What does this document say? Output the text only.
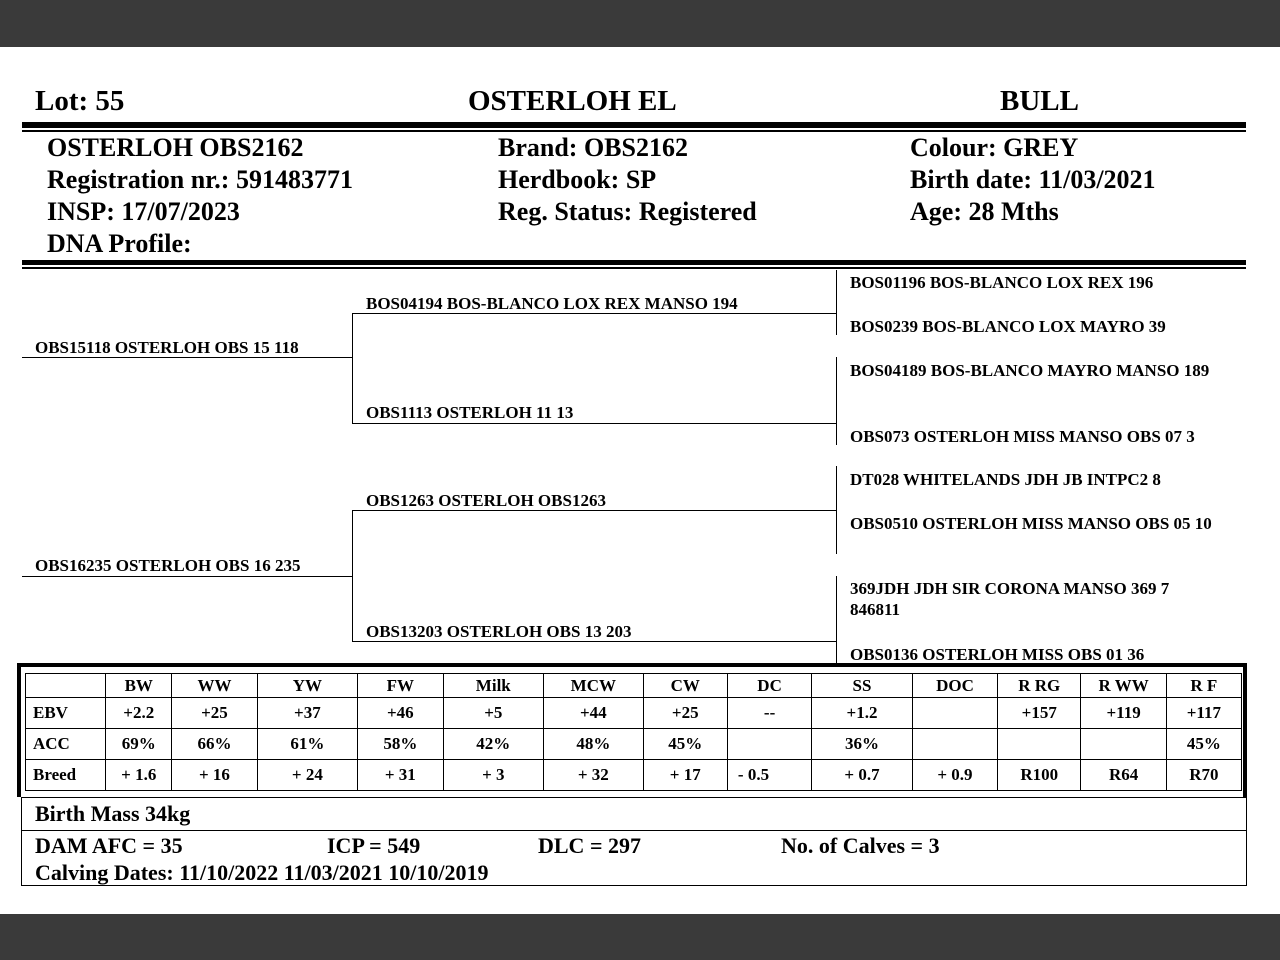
Lot: 55	OSTERLOH EL	BULL
OSTERLOH OBS2162
Registration nr.: 591483771
INSP: 17/07/2023
DNA Profile:
Brand: OBS2162
Herdbook: SP
Reg. Status: Registered
Colour: GREY
Birth date: 11/03/2021
Age: 28 Mths
OBS15118 OSTERLOH OBS 15 118
OBS16235 OSTERLOH OBS 16 235
BOS04194 BOS-BLANCO LOX REX MANSO 194
OBS1113 OSTERLOH 11 13
OBS1263 OSTERLOH OBS1263
OBS13203 OSTERLOH OBS 13 203
BOS01196 BOS-BLANCO LOX REX 196
BOS0239 BOS-BLANCO LOX MAYRO 39
BOS04189 BOS-BLANCO MAYRO MANSO 189
OBS073 OSTERLOH MISS MANSO OBS 07 3
DT028 WHITELANDS JDH JB INTPC2 8
OBS0510 OSTERLOH MISS MANSO OBS 05 10
369JDH JDH SIR CORONA MANSO 369 7 846811
OBS0136 OSTERLOH MISS OBS 01 36
	BW	WW	YW	FW	Milk	MCW	CW	DC	SS	DOC	R RG	R WW	R F
EBV	+2.2	+25	+37	+46	+5	+44	+25	--	+1.2		+157	+119	+117
ACC	69%	66%	61%	58%	42%	48%	45%		36%				45%
Breed	+ 1.6	+ 16	+ 24	+ 31	+ 3	+ 32	+ 17	- 0.5	+ 0.7	+ 0.9	R100	R64	R70
Birth Mass 34kg
DAM AFC = 35	ICP = 549	DLC = 297	No. of Calves = 3
Calving Dates: 11/10/2022 11/03/2021 10/10/2019
